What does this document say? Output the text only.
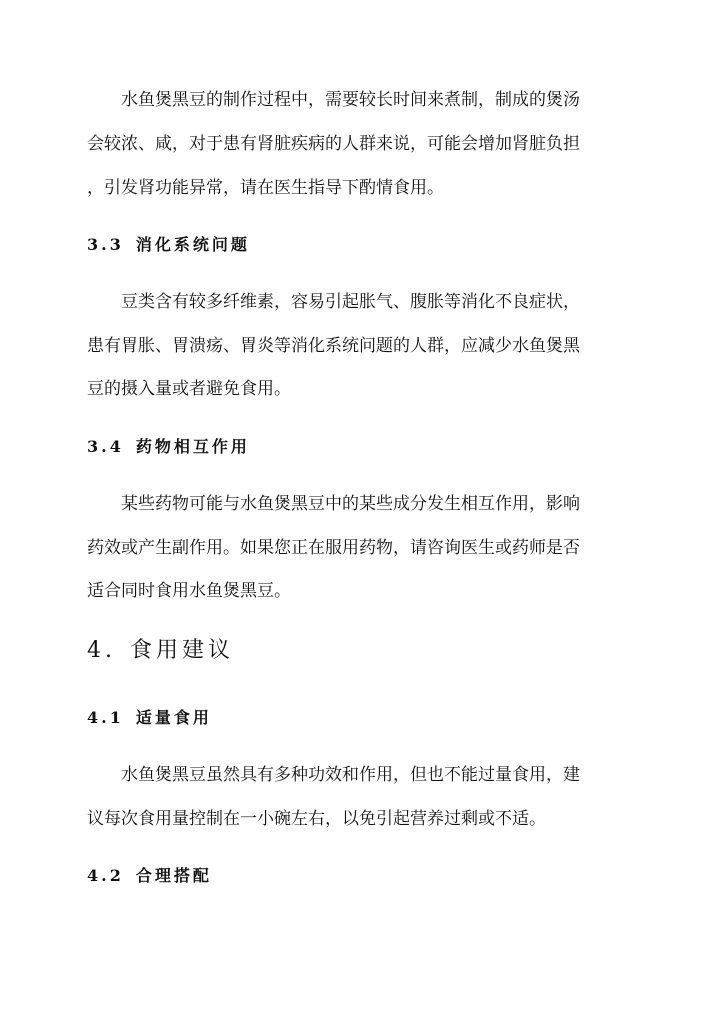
水鱼煲黑豆的制作过程中，需要较长时间来煮制，制成的煲汤
会较浓、咸，对于患有肾脏疾病的人群来说，可能会增加肾脏负担
，引发肾功能异常，请在医生指导下酌情食用。
3.3 消化系统问题
豆类含有较多纤维素，容易引起胀气、腹胀等消化不良症状，
患有胃胀、胃溃疡、胃炎等消化系统问题的人群，应减少水鱼煲黑
豆的摄入量或者避免食用。
3.4 药物相互作用
某些药物可能与水鱼煲黑豆中的某些成分发生相互作用，影响
药效或产生副作用。如果您正在服用药物，请咨询医生或药师是否
适合同时食用水鱼煲黑豆。
4. 食用建议
4.1 适量食用
水鱼煲黑豆虽然具有多种功效和作用，但也不能过量食用，建
议每次食用量控制在一小碗左右，以免引起营养过剩或不适。
4.2 合理搭配
